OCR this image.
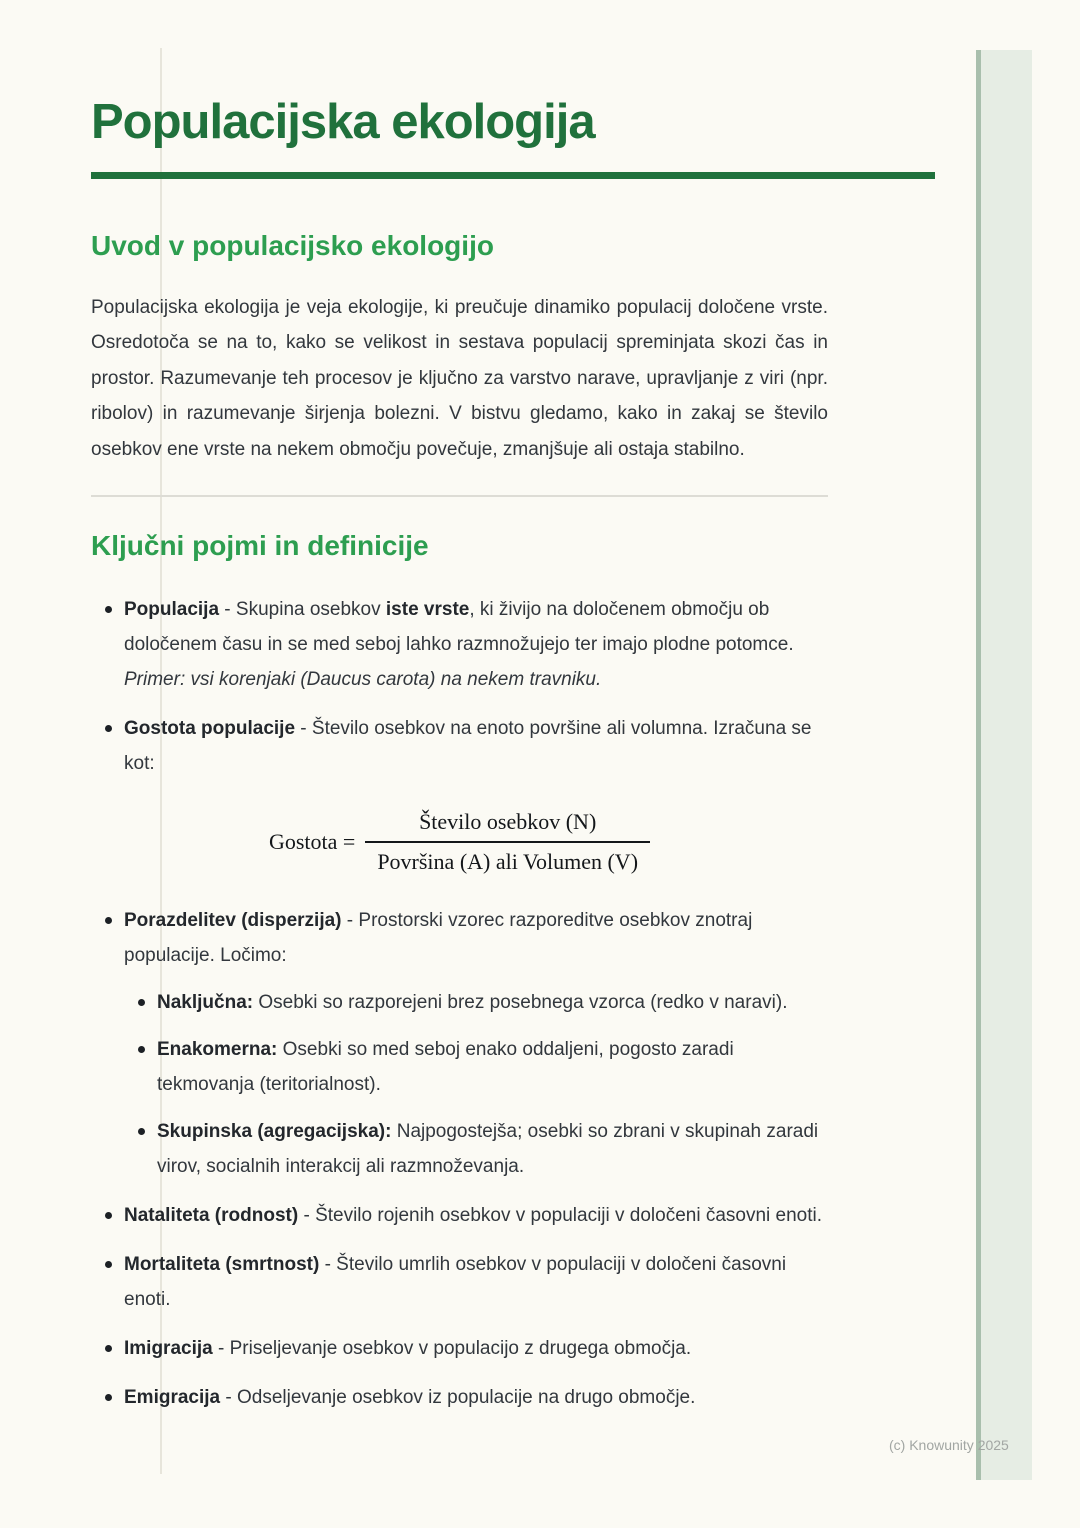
Populacijska ekologija
Uvod v populacijsko ekologijo

Populacijska ekologija je veja ekologije, ki preučuje dinamiko populacij določene vrste. Osredotoča se na to, kako se velikost in sestava populacij spreminjata skozi čas in prostor. Razumevanje teh procesov je ključno za varstvo narave, upravljanje z viri (npr. ribolov) in razumevanje širjenja bolezni. V bistvu gledamo, kako in zakaj se število osebkov ene vrste na nekem območju povečuje, zmanjšuje ali ostaja stabilno.

Ključni pojmi in definicije
Populacija - Skupina osebkov iste vrste, ki živijo na določenem območju ob določenem času in se med seboj lahko razmnožujejo ter imajo plodne potomce. Primer: vsi korenjaki (Daucus carota) na nekem travniku.
Gostota populacije - Število osebkov na enoto površine ali volumna. Izračuna se kot:
Gostota = $\frac{\text{Število osebkov (N)}}{\text{Površina (A) ali Volumen (V)}}$
Porazdelitev (disperzija) - Prostorski vzorec razporeditve osebkov znotraj populacije. Ločimo:
Naključna: Osebki so razporejeni brez posebnega vzorca (redko v naravi).
Enakomerna: Osebki so med seboj enako oddaljeni, pogosto zaradi tekmovanja (teritorialnost).
Skupinska (agregacijska): Najpogostejša; osebki so zbrani v skupinah zaradi virov, socialnih interakcij ali razmnoževanja.
Nataliteta (rodnost) - Število rojenih osebkov v populaciji v določeni časovni enoti.
Mortaliteta (smrtnost) - Število umrlih osebkov v populaciji v določeni časovni enoti.
Imigracija - Priseljevanje osebkov v populacijo z drugega območja.
Emigracija - Odseljevanje osebkov iz populacije na drugo območje.
(c) Knowunity 2025
